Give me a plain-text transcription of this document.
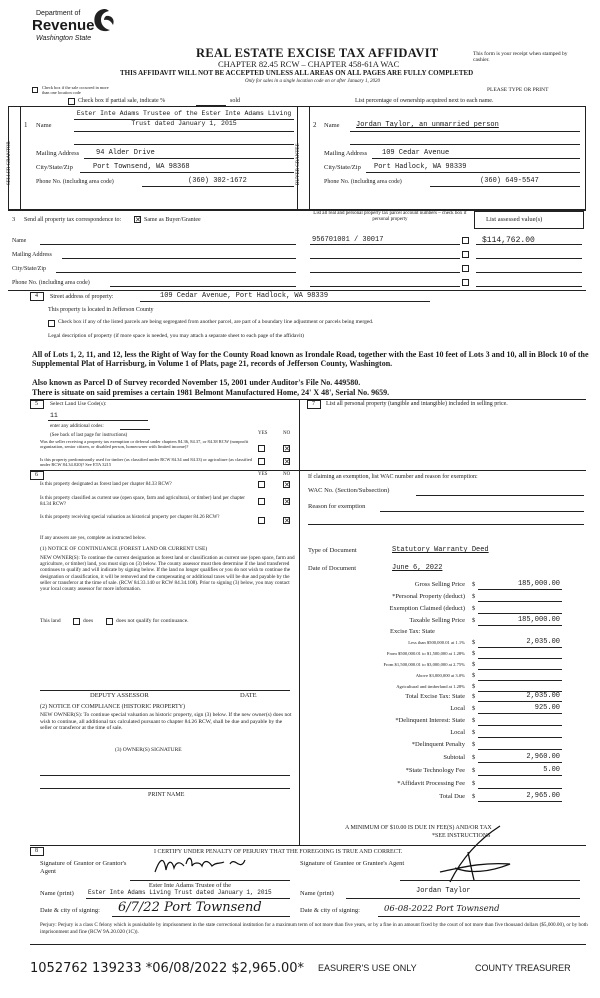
Department of
Revenue
Washington State
REAL ESTATE EXCISE TAX AFFIDAVIT
CHAPTER 82.45 RCW – CHAPTER 458-61A WAC
THIS AFFIDAVIT WILL NOT BE ACCEPTED UNLESS ALL AREAS ON ALL PAGES ARE FULLY COMPLETED
Only for sales in a single location code on or after January 1, 2020
This form is your receipt when stamped by cashier.
PLEASE TYPE OR PRINT
Check box if the sale occurred in more than one location code
Check box if partial sale, indicate %	sold	List percentage of ownership acquired next to each name.
SELLER GRANTOR
1 Name
Ester Inte Adams Trustee of the Ester Inte Adams Living Trust dated January 1, 2015
Mailing Address 94 Alder Drive
City/State/Zip	Port Townsend, WA 98368
Phone No. (including area code)	(360) 302-1672	BUYER GRANTEE
2 Name Jordan Taylor, an unmarried person
Mailing Address 109 Cedar Avenue
City/State/Zip Port Hadlock, WA 98339
Phone No. (including area code)	(360) 649-5547
3 Send all property tax correspondence to: ✕ Same as Buyer/Grantee
List all real and personal property tax parcel account numbers – check box if personal property	List assessed value(s)
Name
Mailing Address
City/State/Zip
Phone No. (including area code)
956701001 / 30017	$114,762.00
4 Street address of property:	109 Cedar Avenue, Port Hadlock, WA 98339
This property is located in Jefferson County
Check box if any of the listed parcels are being segregated from another parcel, are part of a boundary line adjustment or parcels being merged.
Legal description of property (if more space is needed, you may attach a separate sheet to each page of the affidavit)
All of Lots 1, 2, 11, and 12, less the Right of Way for the County Road known as Irondale Road, together with the East 10 feet of Lots 3 and 10, all in Block 10 of the Supplemental Plat of Harrisburg, in Volume 1 of Plats, page 21, records of Jefferson County, Washington.
Also known as Parcel D of Survey recorded November 15, 2001 under Auditor's File No. 449580.
There is situate on said premises a certain 1981 Belmont Manufactured Home, 24' X 48', Serial No. 9659.
5 Select Land Use Code(s):
11
enter any additional codes:
(See back of last page for instructions)	YES	NO
Was the seller receiving a property tax exemption or deferral under chapters 84.36, 84.37, or 84.38 RCW (nonprofit organization, senior citizen, or disabled person, homeowner with limited income)?	✕
Is this property predominantly used for timber (as classified under RCW 84.34 and 84.33) or agriculture (as classified under RCW 84.34.020)? See ETA 3215	✕
7 List all personal property (tangible and intangible) included in selling price.
6	YES	NO
Is this property designated as forest land per chapter 84.33 RCW?	✕
Is this property classified as current use (open space, farm and agricultural, or timber) land per chapter 84.34 RCW?	✕
Is this property receiving special valuation as historical property per chapter 84.26 RCW?	✕
If any answers are yes, complete as instructed below.
(1) NOTICE OF CONTINUANCE (FOREST LAND OR CURRENT USE)
NEW OWNER(S): To continue the current designation as forest land or classification as current use (open space, farm and agriculture, or timber) land, you must sign on (3) below. The county assessor must then determine if the land transferred continues to qualify and will indicate by signing below. If the land no longer qualifies or you do not wish to continue the designation or classification, it will be removed and the compensating or additional taxes will be due and payable by the seller or transferor at the time of sale. (RCW 84.33.140 or RCW 84.34.108). Prior to signing (3) below, you may contact your local county assessor for more information.
This land	does	does not qualify for continuance.
DEPUTY ASSESSOR	DATE
(2) NOTICE OF COMPLIANCE (HISTORIC PROPERTY)
NEW OWNER(S): To continue special valuation as historic property, sign (3) below. If the new owner(s) does not wish to continue, all additional tax calculated pursuant to chapter 84.26 RCW, shall be due and payable by the seller or transferor at the time of sale.
(3) OWNER(S) SIGNATURE
PRINT NAME
If claiming an exemption, list WAC number and reason for exemption:
WAC No. (Section/Subsection)
Reason for exemption
Type of Document	Statutory Warranty Deed
Date of Document	June 6, 2022
Gross Selling Price $	185,000.00
*Personal Property (deduct) $
Exemption Claimed (deduct) $
Taxable Selling Price $	185,000.00
Excise Tax: State
Less than $500,000.01 at 1.1% $	2,035.00
From $500,000.01 to $1,500,000 at 1.28% $
From $1,500,000.01 to $3,000,000 at 2.75% $
Above $3,000,000 at 3.0% $
Agricultural and timberland at 1.28% $
Total Excise Tax: State $	2,035.00
Local $	925.00
*Delinquent Interest: State $
Local $
*Delinquent Penalty $
Subtotal $	2,960.00
*State Technology Fee $	5.00
*Affidavit Processing Fee $
Total Due $	2,965.00
A MINIMUM OF $10.00 IS DUE IN FEE(S) AND/OR TAX
*SEE INSTRUCTIONS
8	I CERTIFY UNDER PENALTY OF PERJURY THAT THE FOREGOING IS TRUE AND CORRECT.
Signature of Grantor or Grantor's Agent
Signature of Grantee or Grantee's Agent
Ester Inte Adams Trustee of the
Name (print) Ester Inte Adams Living Trust dated January 1, 2015	Name (print)	Jordan Taylor
Date & city of signing: 6/7/22 Port Townsend	Date & city of signing:	06-08-2022 Port Townsend
Perjury: Perjury is a class C felony which is punishable by imprisonment in the state correctional institution for a maximum term of not more than five years, or by a fine in an amount fixed by the court of not more than five thousand dollars ($5,000.00), or by both imprisonment and fine (RCW 9A.20.020 (1C)).
1052762 139233 *06/08/2022 $2,965.00* EASURER'S USE ONLY	COUNTY TREASURER
